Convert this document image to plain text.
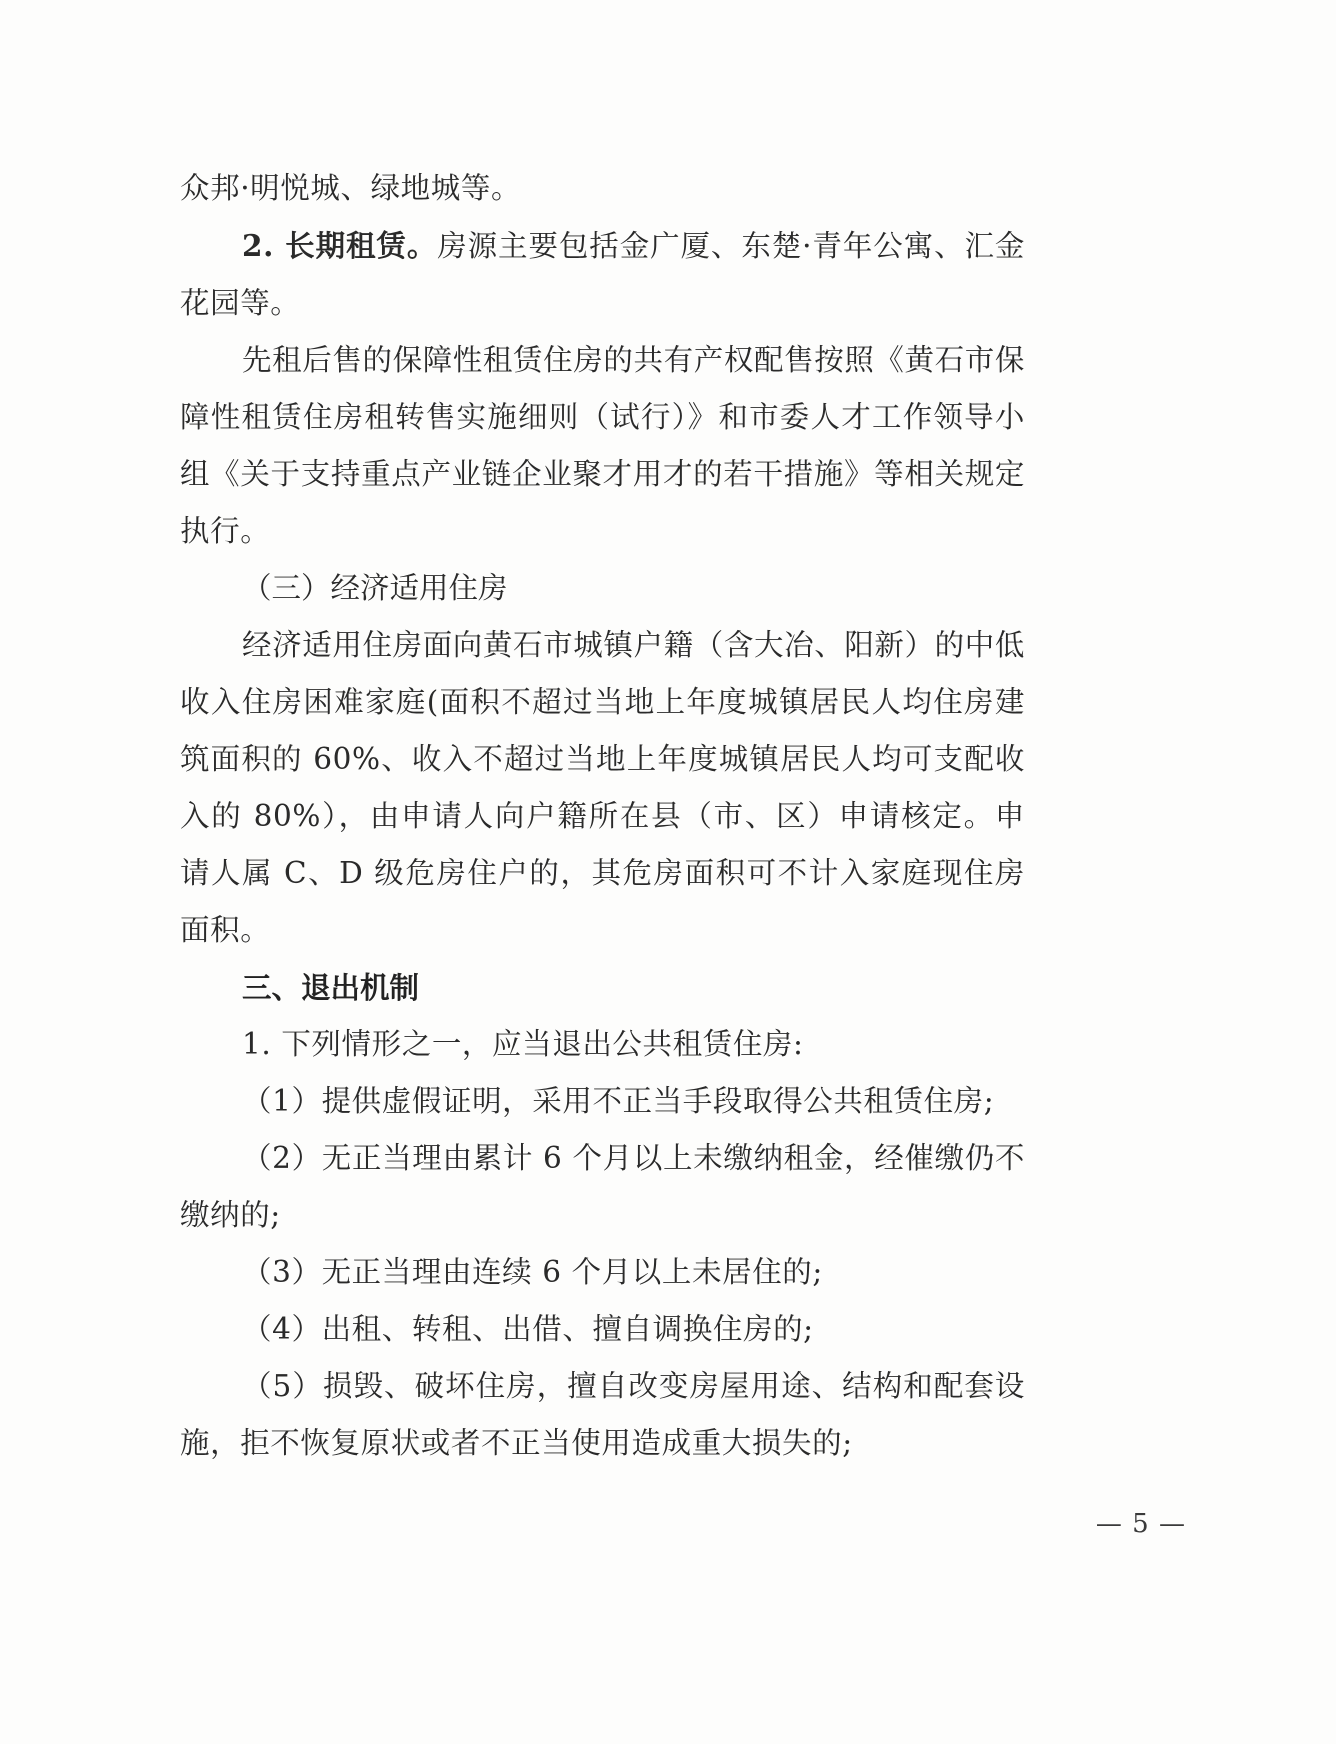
众邦·明悦城、绿地城等。

2. 长期租赁。房源主要包括金广厦、东楚·青年公寓、汇金花园等。

先租后售的保障性租赁住房的共有产权配售按照《黄石市保障性租赁住房租转售实施细则（试行）》和市委人才工作领导小组《关于支持重点产业链企业聚才用才的若干措施》等相关规定执行。

（三）经济适用住房

经济适用住房面向黄石市城镇户籍（含大冶、阳新）的中低收入住房困难家庭(面积不超过当地上年度城镇居民人均住房建筑面积的 60%、收入不超过当地上年度城镇居民人均可支配收入的 80%），由申请人向户籍所在县（市、区）申请核定。申请人属 C、D 级危房住户的，其危房面积可不计入家庭现住房面积。

三、退出机制

1. 下列情形之一，应当退出公共租赁住房:

（1）提供虚假证明，采用不正当手段取得公共租赁住房;

（2）无正当理由累计 6 个月以上未缴纳租金，经催缴仍不缴纳的;

（3）无正当理由连续 6 个月以上未居住的;

（4）出租、转租、出借、擅自调换住房的;

（5）损毁、破坏住房，擅自改变房屋用途、结构和配套设施，拒不恢复原状或者不正当使用造成重大损失的;

— 5 —
